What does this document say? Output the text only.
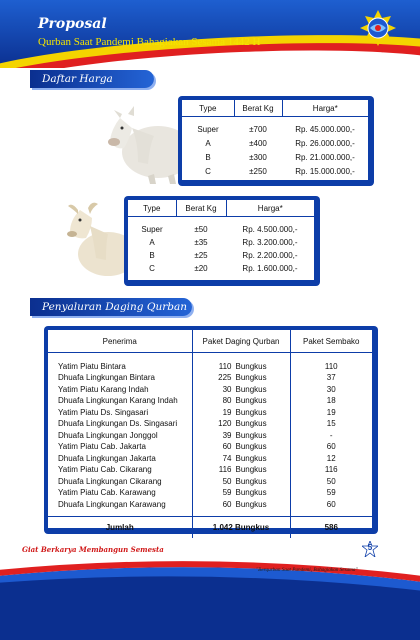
Proposal
Qurban Saat Pandemi Bahagiakan Sesama 1442 H
CERIA ALAMI INDONESIA
Daftar Harga
Type	Berat Kg	Harga*

Super	±700	Rp. 45.000.000,-
A	±400	Rp. 26.000.000,-
B	±300	Rp. 21.000.000,-
C	±250	Rp. 15.000.000,-
Type	Berat Kg	Harga*

Super	±50	Rp. 4.500.000,-
A	±35	Rp. 3.200.000,-
B	±25	Rp. 2.200.000,-
C	±20	Rp. 1.600.000,-
Penyaluran Daging Qurban
Penerima	Paket Daging Qurban	Paket Sembako

Yatim Piatu Bintara	110 Bungkus	110
Dhuafa Lingkungan Bintara	225 Bungkus	37
Yatim Piatu Karang Indah	30 Bungkus	30
Dhuafa Lingkungan Karang Indah	80 Bungkus	18
Yatim Piatu Ds. Singasari	19 Bungkus	19
Dhuafa Lingkungan Ds. Singasari	120 Bungkus	15
Dhuafa Lingkungan Jonggol	39 Bungkus	-
Yatim Piatu Cab. Jakarta	60 Bungkus	60
Dhuafa Lingkungan Jakarta	74 Bungkus	12
Yatim Piatu Cab. Cikarang	116 Bungkus	116
Dhuafa Lingkungan Cikarang	50 Bungkus	50
Yatim Piatu Cab. Karawang	59 Bungkus	59
Dhuafa Lingkungan Karawang	60 Bungkus	60

Jumlah	1.042 Bungkus	586
Giat Berkarya Membangun Semesta	5
"Berqurban Saat Pandemi, Bahagiakan Sesama"
